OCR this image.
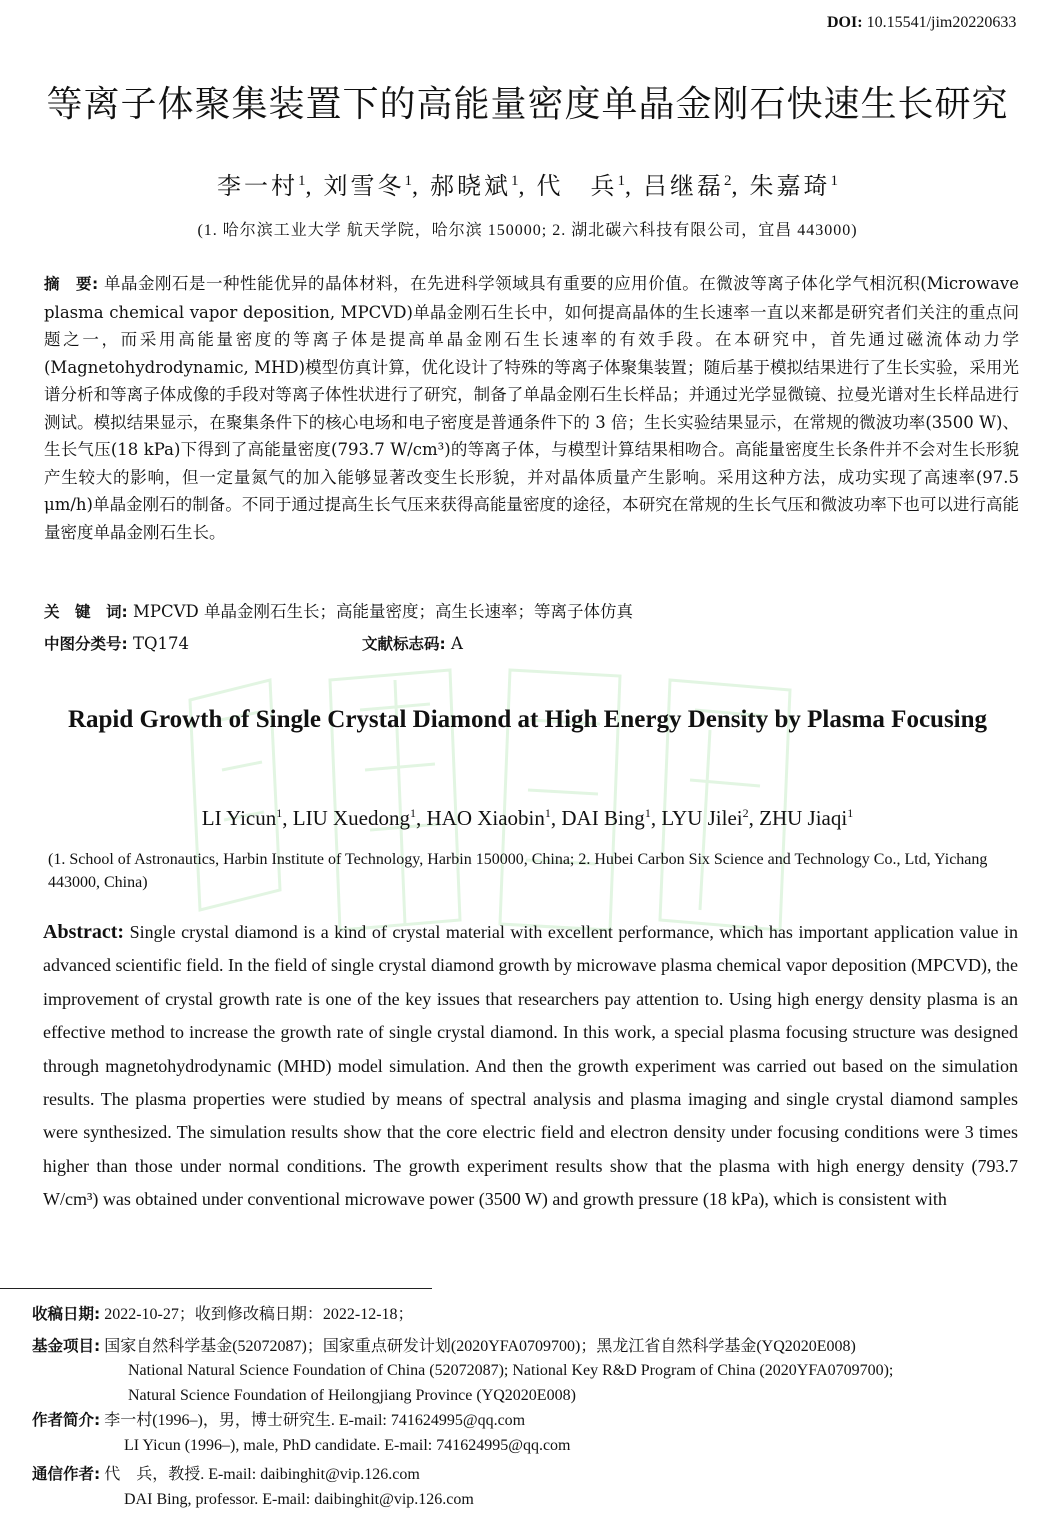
DOI: 10.15541/jim20220633
等离子体聚集装置下的高能量密度单晶金刚石快速生长研究
李一村$^1$, 刘雪冬$^1$, 郝晓斌$^1$, 代　兵$^1$, 吕继磊$^2$, 朱嘉琦$^1$
(1. 哈尔滨工业大学 航天学院，哈尔滨 150000; 2. 湖北碳六科技有限公司，宜昌 443000)
摘　要: 单晶金刚石是一种性能优异的晶体材料，在先进科学领域具有重要的应用价值。在微波等离子体化学气相沉积(Microwave plasma chemical vapor deposition, MPCVD)单晶金刚石生长中，如何提高晶体的生长速率一直以来都是研究者们关注的重点问题之一，而采用高能量密度的等离子体是提高单晶金刚石生长速率的有效手段。在本研究中，首先通过磁流体动力学(Magnetohydrodynamic, MHD)模型仿真计算，优化设计了特殊的等离子体聚集装置；随后基于模拟结果进行了生长实验，采用光谱分析和等离子体成像的手段对等离子体性状进行了研究，制备了单晶金刚石生长样品；并通过光学显微镜、拉曼光谱对生长样品进行测试。模拟结果显示，在聚集条件下的核心电场和电子密度是普通条件下的 3 倍；生长实验结果显示，在常规的微波功率(3500 W)、生长气压(18 kPa)下得到了高能量密度(793.7 W/cm³)的等离子体，与模型计算结果相吻合。高能量密度生长条件并不会对生长形貌产生较大的影响，但一定量氮气的加入能够显著改变生长形貌，并对晶体质量产生影响。采用这种方法，成功实现了高速率(97.5 μm/h)单晶金刚石的制备。不同于通过提高生长气压来获得高能量密度的途径，本研究在常规的生长气压和微波功率下也可以进行高能量密度单晶金刚石生长。
关　键　词: MPCVD 单晶金刚石生长；高能量密度；高生长速率；等离子体仿真
中图分类号: TQ174	文献标志码: A
Rapid Growth of Single Crystal Diamond at High Energy Density by Plasma Focusing
LI Yicun$^1$, LIU Xuedong$^1$, HAO Xiaobin$^1$, DAI Bing$^1$, LYU Jilei$^2$, ZHU Jiaqi$^1$
(1. School of Astronautics, Harbin Institute of Technology, Harbin 150000, China; 2. Hubei Carbon Six Science and Technology Co., Ltd, Yichang 443000, China)
Abstract: Single crystal diamond is a kind of crystal material with excellent performance, which has important application value in advanced scientific field. In the field of single crystal diamond growth by microwave plasma chemical vapor deposition (MPCVD), the improvement of crystal growth rate is one of the key issues that researchers pay attention to. Using high energy density plasma is an effective method to increase the growth rate of single crystal diamond. In this work, a special plasma focusing structure was designed through magnetohydrodynamic (MHD) model simulation. And then the growth experiment was carried out based on the simulation results. The plasma properties were studied by means of spectral analysis and plasma imaging and single crystal diamond samples were synthesized. The simulation results show that the core electric field and electron density under focusing conditions were 3 times higher than those under normal conditions. The growth experiment results show that the plasma with high energy density (793.7 W/cm³) was obtained under conventional microwave power (3500 W) and growth pressure (18 kPa), which is consistent with
收稿日期: 2022-10-27；收到修改稿日期：2022-12-18；
基金项目: 国家自然科学基金(52072087)；国家重点研发计划(2020YFA0709700)；黑龙江省自然科学基金(YQ2020E008)
National Natural Science Foundation of China (52072087); National Key R&D Program of China (2020YFA0709700);
Natural Science Foundation of Heilongjiang Province (YQ2020E008)
作者简介: 李一村(1996–)，男，博士研究生. E-mail: 741624995@qq.com
LI Yicun (1996–), male, PhD candidate. E-mail: 741624995@qq.com
通信作者: 代　兵，教授. E-mail: daibinghit@vip.126.com
DAI Bing, professor. E-mail: daibinghit@vip.126.com
